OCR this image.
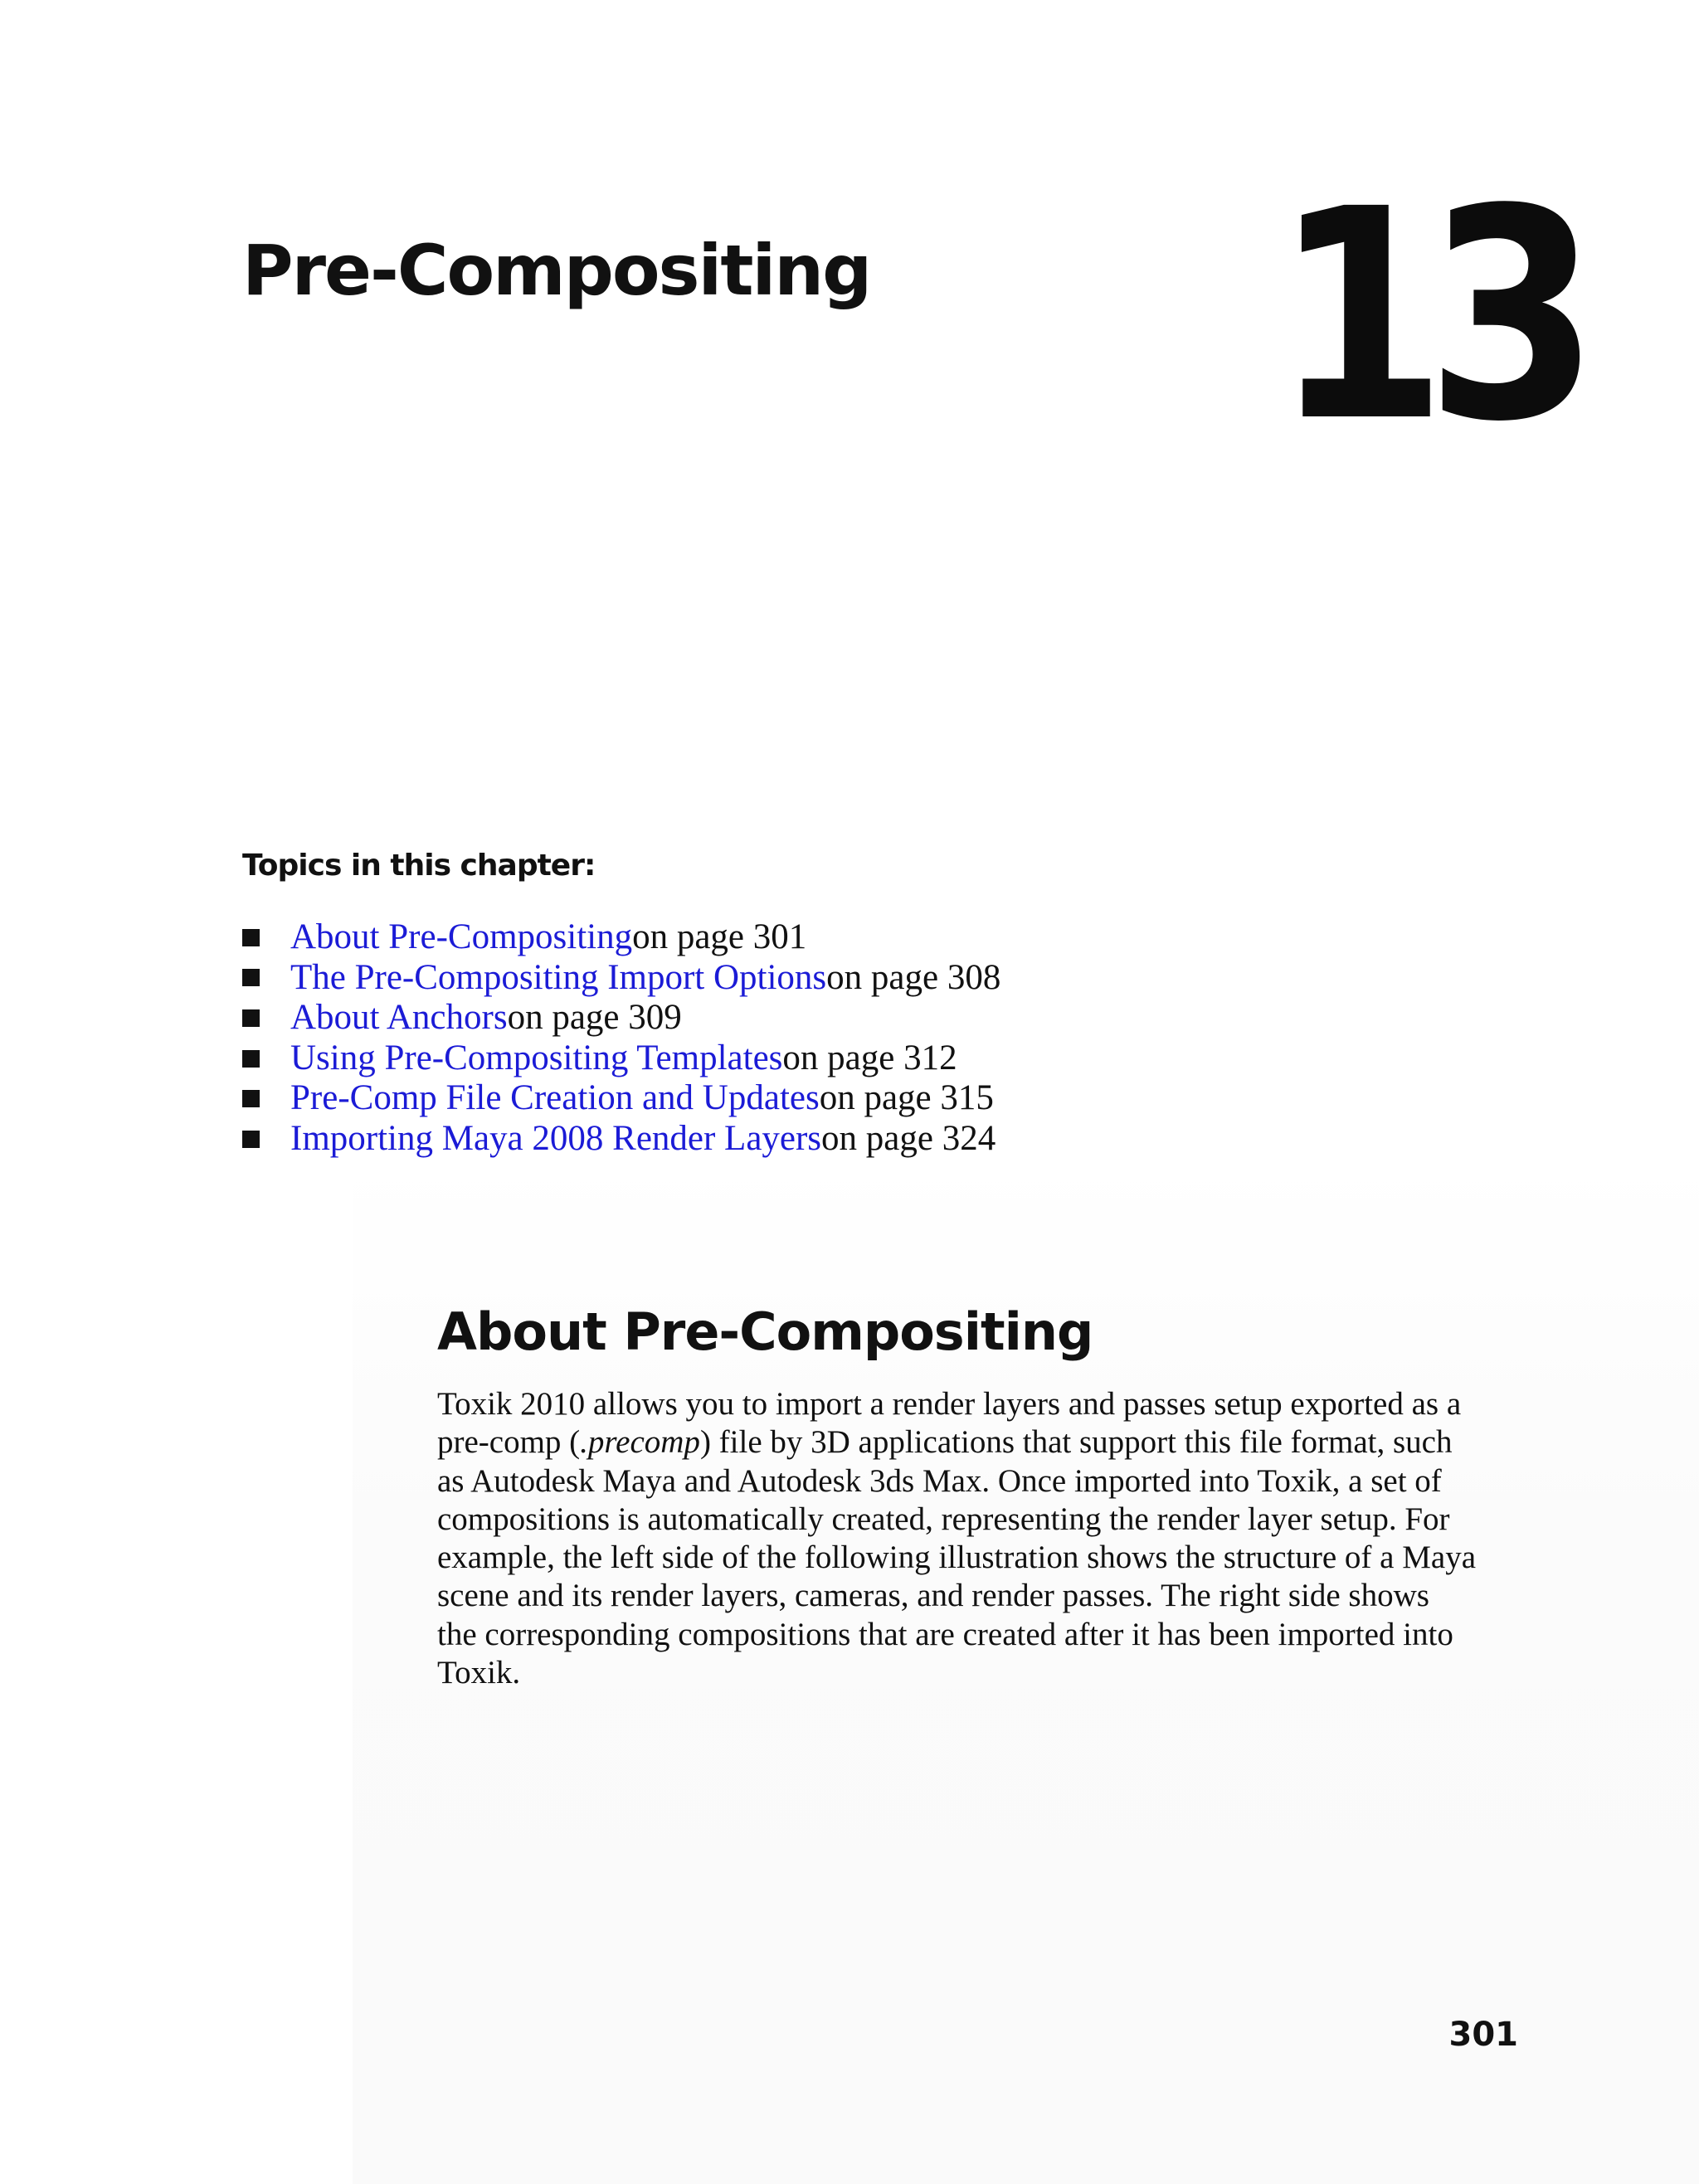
Pre-Compositing 13
Topics in this chapter:
About Pre-Compositing on page 301
The Pre-Compositing Import Options on page 308
About Anchors on page 309
Using Pre-Compositing Templates on page 312
Pre-Comp File Creation and Updates on page 315
Importing Maya 2008 Render Layers on page 324
About Pre-Compositing

Toxik 2010 allows you to import a render layers and passes setup exported as a
pre-comp (.precomp) file by 3D applications that support this file format, such
as Autodesk Maya and Autodesk 3ds Max. Once imported into Toxik, a set of
compositions is automatically created, representing the render layer setup. For
example, the left side of the following illustration shows the structure of a Maya
scene and its render layers, cameras, and render passes. The right side shows
the corresponding compositions that are created after it has been imported into
Toxik.

301
